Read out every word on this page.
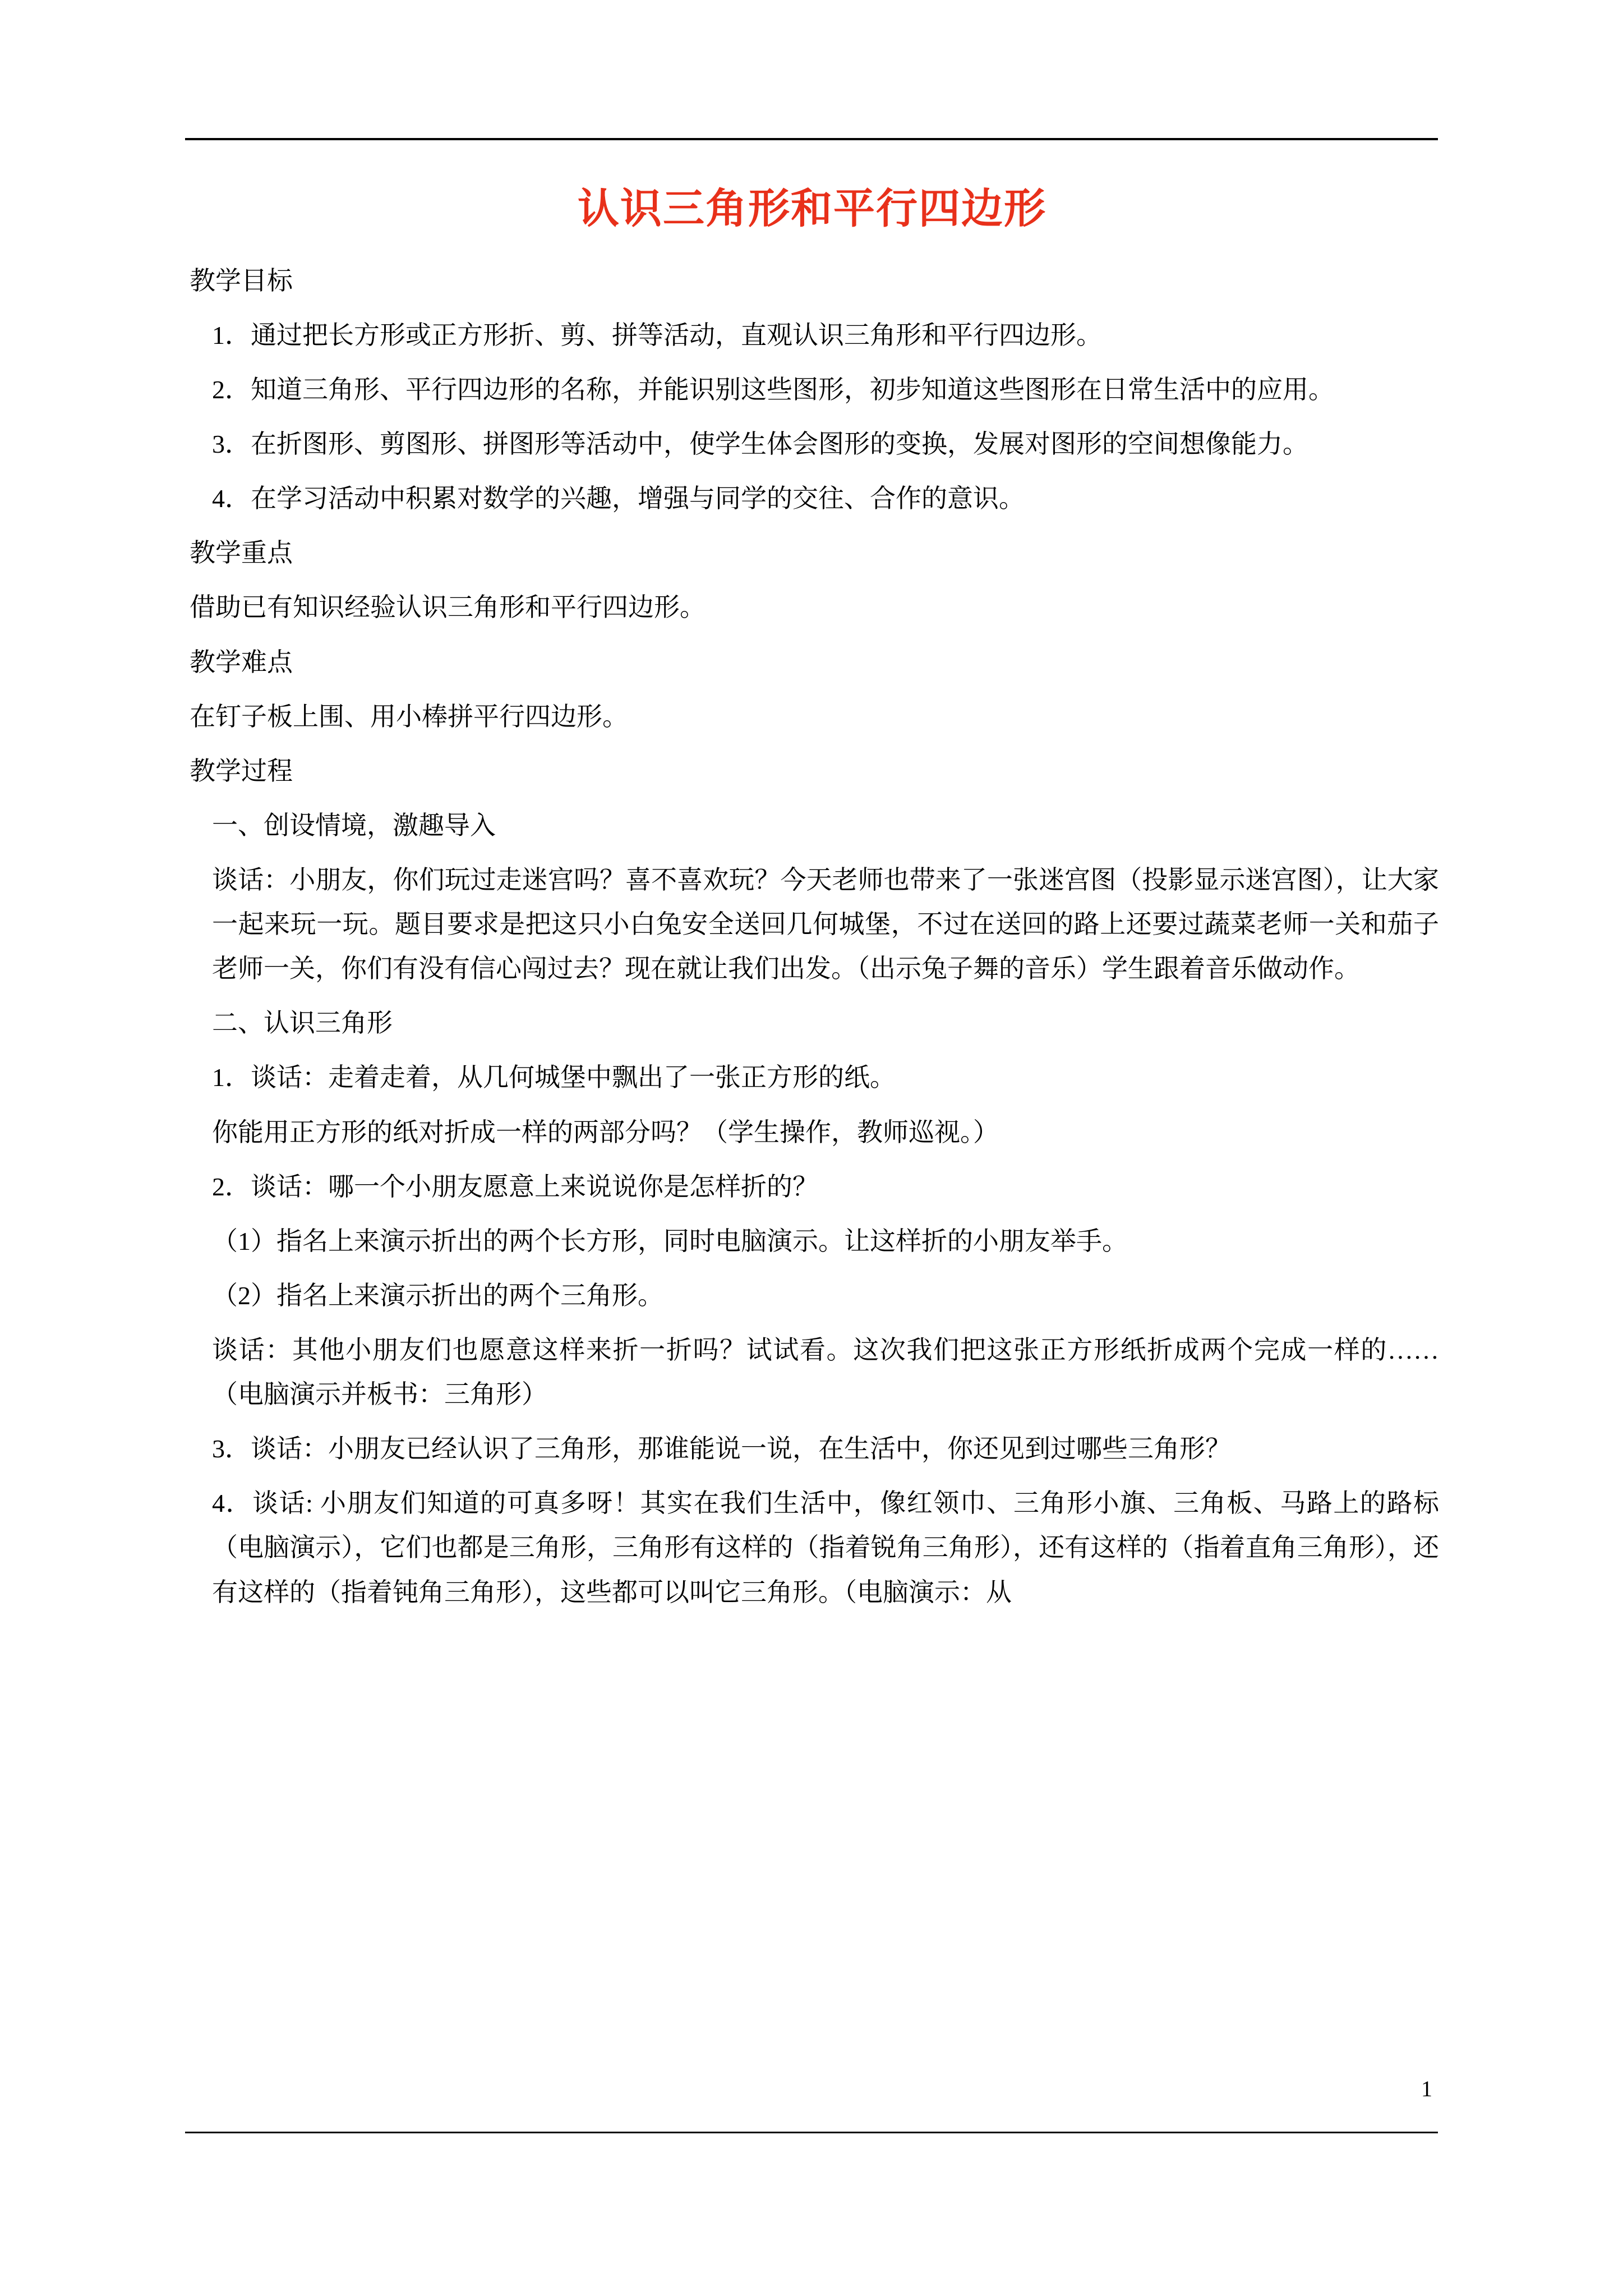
认识三角形和平行四边形

教学目标

1．通过把长方形或正方形折、剪、拼等活动，直观认识三角形和平行四边形。

2．知道三角形、平行四边形的名称，并能识别这些图形，初步知道这些图形在日常生活中的应用。

3．在折图形、剪图形、拼图形等活动中，使学生体会图形的变换，发展对图形的空间想像能力。

4．在学习活动中积累对数学的兴趣，增强与同学的交往、合作的意识。

教学重点

借助已有知识经验认识三角形和平行四边形。

教学难点

在钉子板上围、用小棒拼平行四边形。

教学过程

一、创设情境，激趣导入

谈话：小朋友，你们玩过走迷宫吗？喜不喜欢玩？今天老师也带来了一张迷宫图（投影显示迷宫图），让大家一起来玩一玩。题目要求是把这只小白兔安全送回几何城堡，不过在送回的路上还要过蔬菜老师一关和茄子老师一关，你们有没有信心闯过去？现在就让我们出发。（出示兔子舞的音乐）学生跟着音乐做动作。

二、认识三角形

1．谈话：走着走着，从几何城堡中飘出了一张正方形的纸。

你能用正方形的纸对折成一样的两部分吗？（学生操作，教师巡视。）

2．谈话：哪一个小朋友愿意上来说说你是怎样折的？

（1）指名上来演示折出的两个长方形，同时电脑演示。让这样折的小朋友举手。

（2）指名上来演示折出的两个三角形。

谈话：其他小朋友们也愿意这样来折一折吗？试试看。这次我们把这张正方形纸折成两个完成一样的……（电脑演示并板书：三角形）

3．谈话：小朋友已经认识了三角形，那谁能说一说，在生活中，你还见到过哪些三角形？

4．谈话: 小朋友们知道的可真多呀！其实在我们生活中，像红领巾、三角形小旗、三角板、马路上的路标（电脑演示），它们也都是三角形，三角形有这样的（指着锐角三角形），还有这样的（指着直角三角形），还有这样的（指着钝角三角形），这些都可以叫它三角形。（电脑演示：从

1
